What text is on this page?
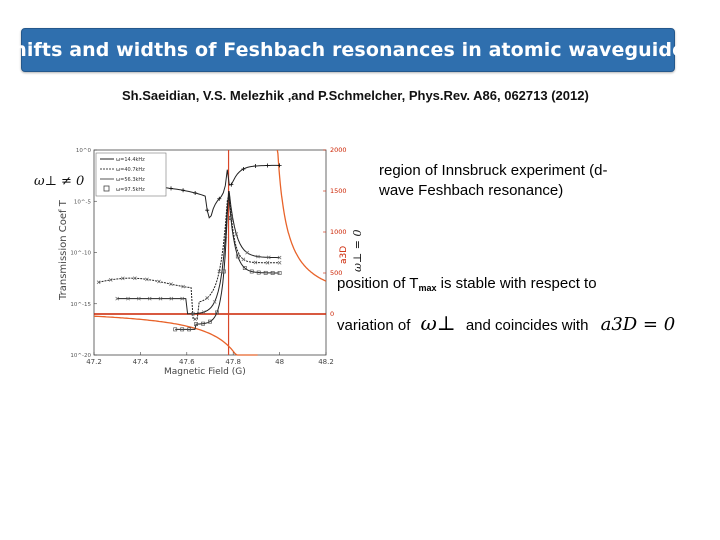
Shifts and widths of Feshbach resonances in atomic waveguides
Sh.Saeidian, V.S. Melezhik ,and P.Schmelcher, Phys.Rev. A86, 062713 (2012)
47.2	47.4	47.6	47.8	48	48.2
10^0
10^-5
10^-10
10^-15
10^-20
2000
1500
1000
500
0
ω=14.4kHz
ω=40.7kHz
ω=56.3kHz
ω=97.5kHz
Transmission Coef T
Magnetic Field (G)
a3D
ω⊥ ≠ 0
ω⊥ = 0
region of Innsbruck experiment (d-wave Feshbach resonance)
position of $T_{max}$ is stable with respect to
variation of ω⊥ and coincides with a3D = 0
